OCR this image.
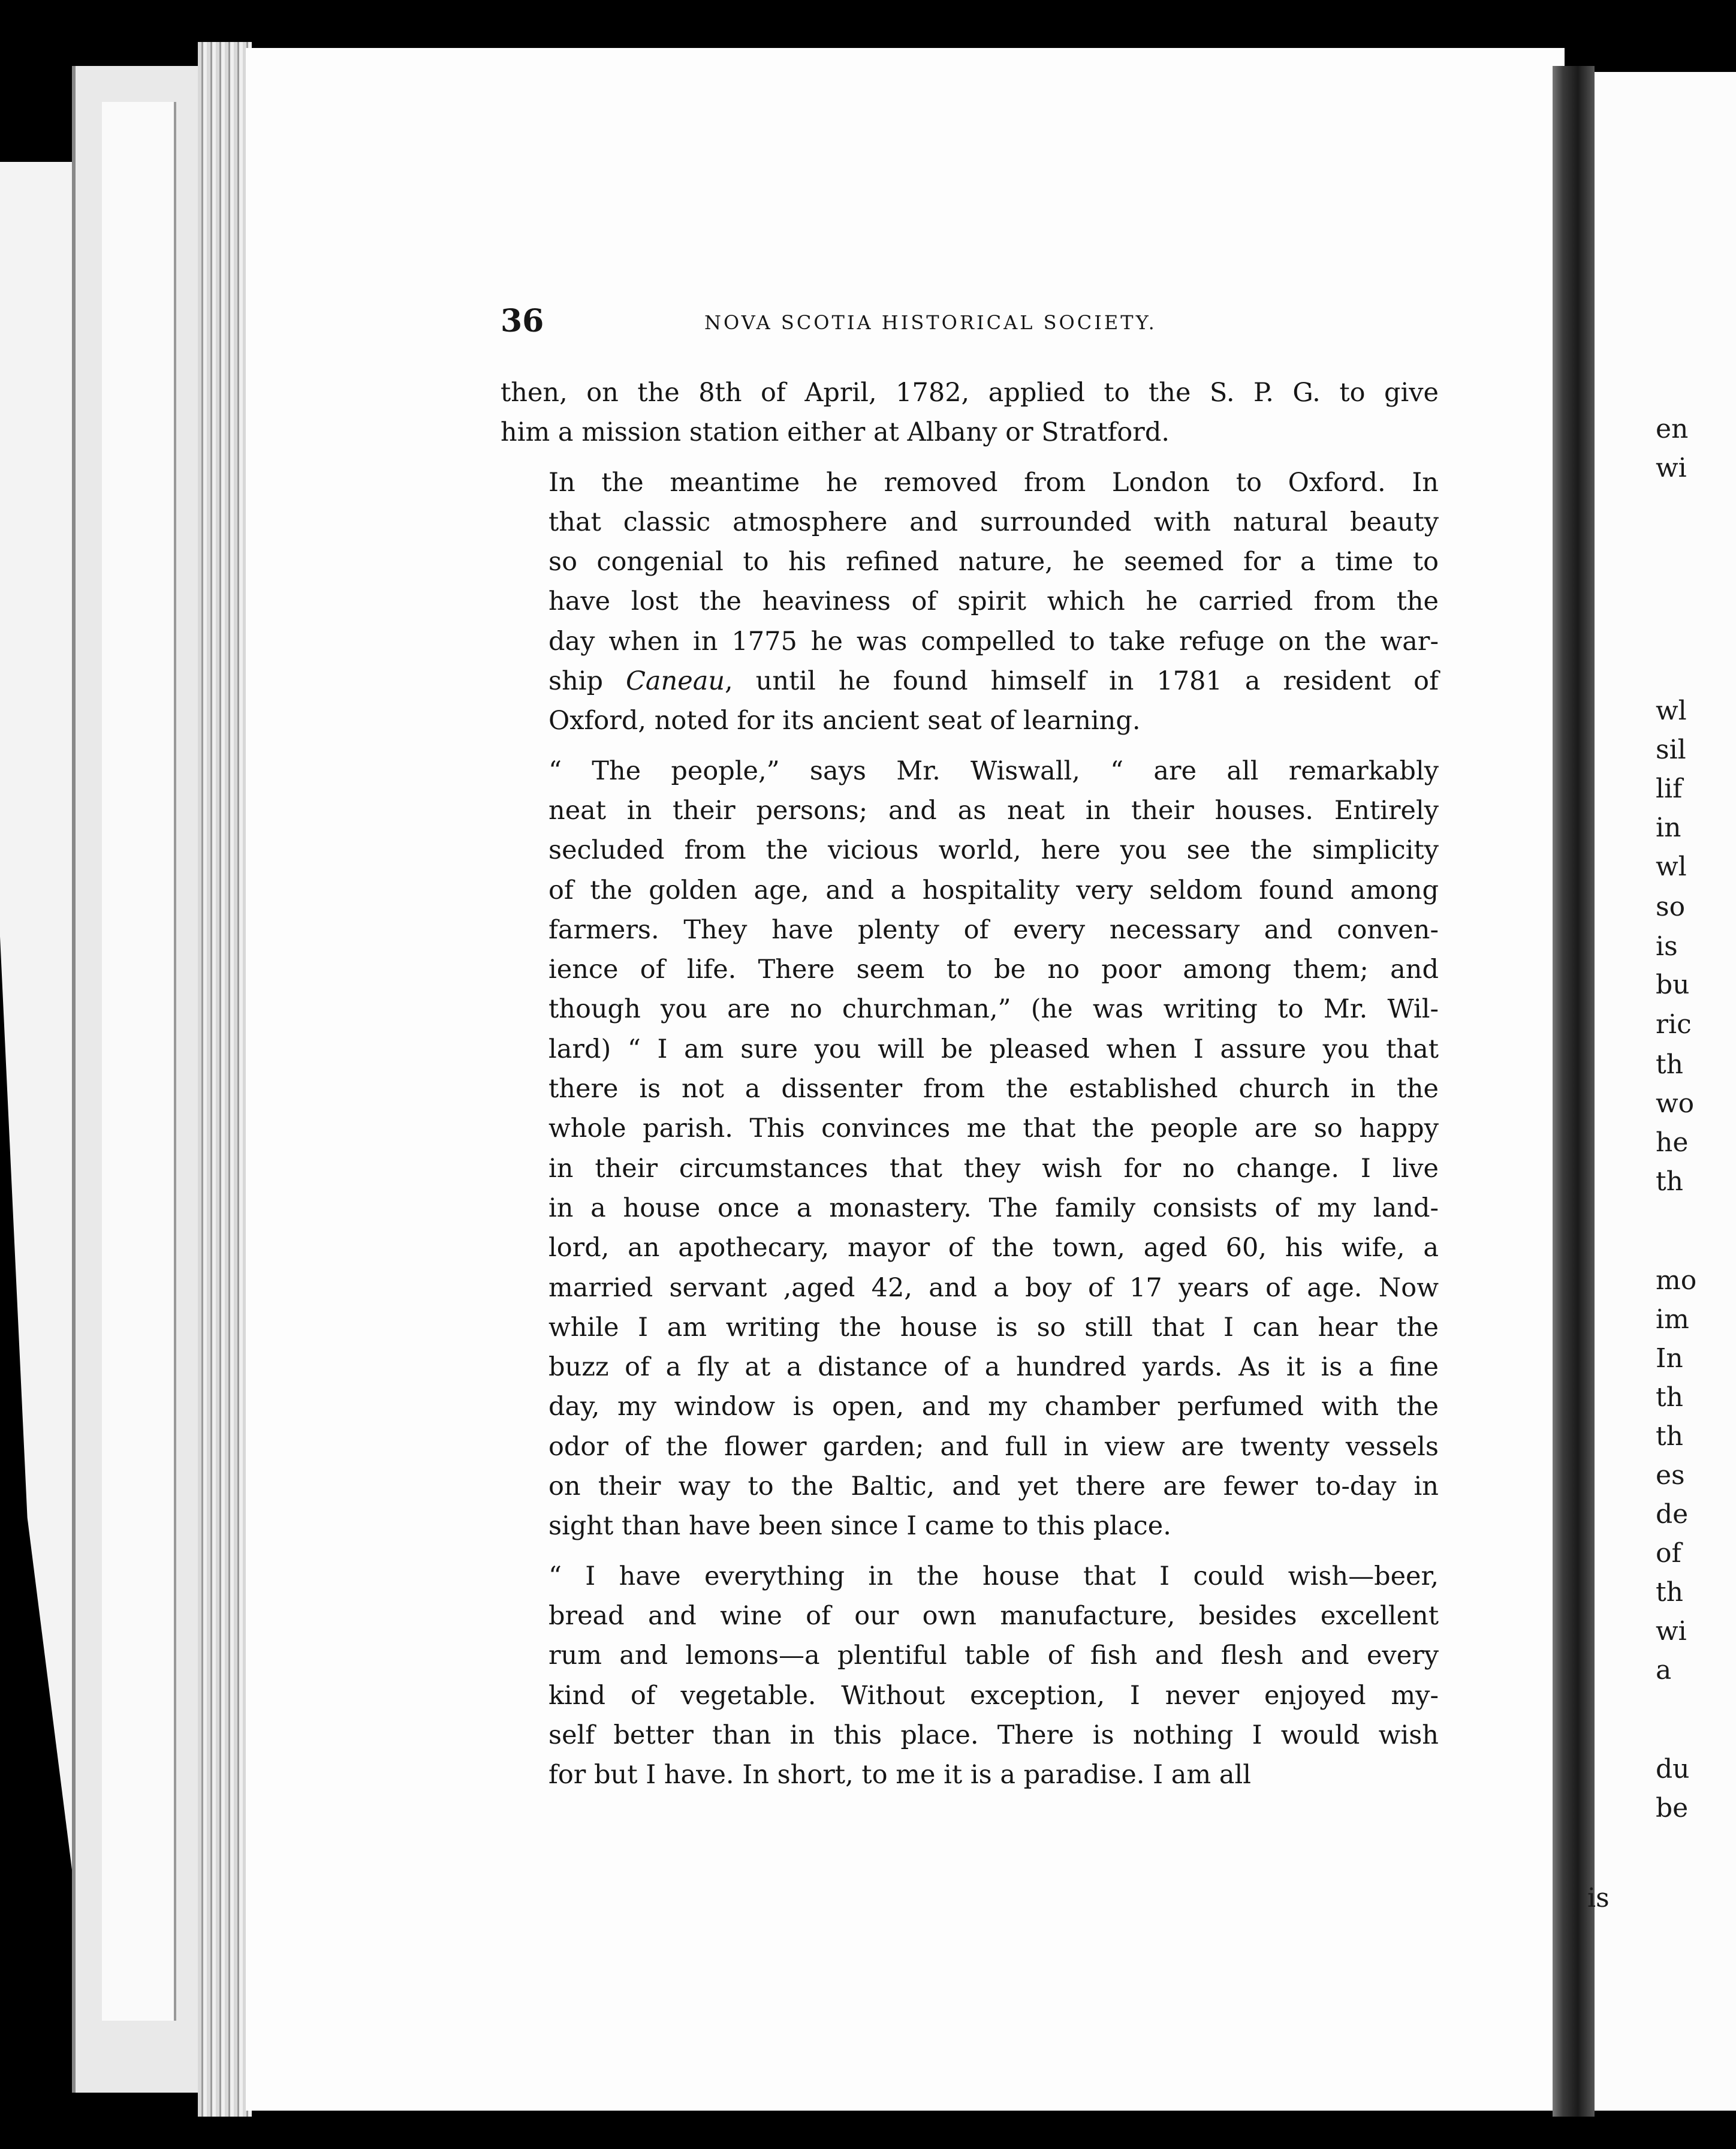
36	NOVA SCOTIA HISTORICAL SOCIETY.
then, on the 8th of April, 1782, applied to the S. P. G. to give
him a mission station either at Albany or Stratford.
In the meantime he removed from London to Oxford. In
that classic atmosphere and surrounded with natural beauty
so congenial to his refined nature, he seemed for a time to
have lost the heaviness of spirit which he carried from the
day when in 1775 he was compelled to take refuge on the war-
ship Caneau, until he found himself in 1781 a resident of
Oxford, noted for its ancient seat of learning.
“ The people,” says Mr. Wiswall, “ are all remarkably
neat in their persons; and as neat in their houses. Entirely
secluded from the vicious world, here you see the simplicity
of the golden age, and a hospitality very seldom found among
farmers. They have plenty of every necessary and conven-
ience of life. There seem to be no poor among them; and
though you are no churchman,” (he was writing to Mr. Wil-
lard) “ I am sure you will be pleased when I assure you that
there is not a dissenter from the established church in the
whole parish. This convinces me that the people are so happy
in their circumstances that they wish for no change. I live
in a house once a monastery. The family consists of my land-
lord, an apothecary, mayor of the town, aged 60, his wife, a
married servant ,aged 42, and a boy of 17 years of age. Now
while I am writing the house is so still that I can hear the
buzz of a fly at a distance of a hundred yards. As it is a fine
day, my window is open, and my chamber perfumed with the
odor of the flower garden; and full in view are twenty vessels
on their way to the Baltic, and yet there are fewer to-day in
sight than have been since I came to this place.
“ I have everything in the house that I could wish—beer,
bread and wine of our own manufacture, besides excellent
rum and lemons—a plentiful table of fish and flesh and every
kind of vegetable. Without exception, I never enjoyed my-
self better than in this place. There is nothing I would wish
for but I have. In short, to me it is a paradise. I am all
en
wi
wl
sil
lif
in
wl
so
is
bu
ric
th
wo
he
th
mo
im
In
th
th
es
de
of
th
wi
a
du
be
is
